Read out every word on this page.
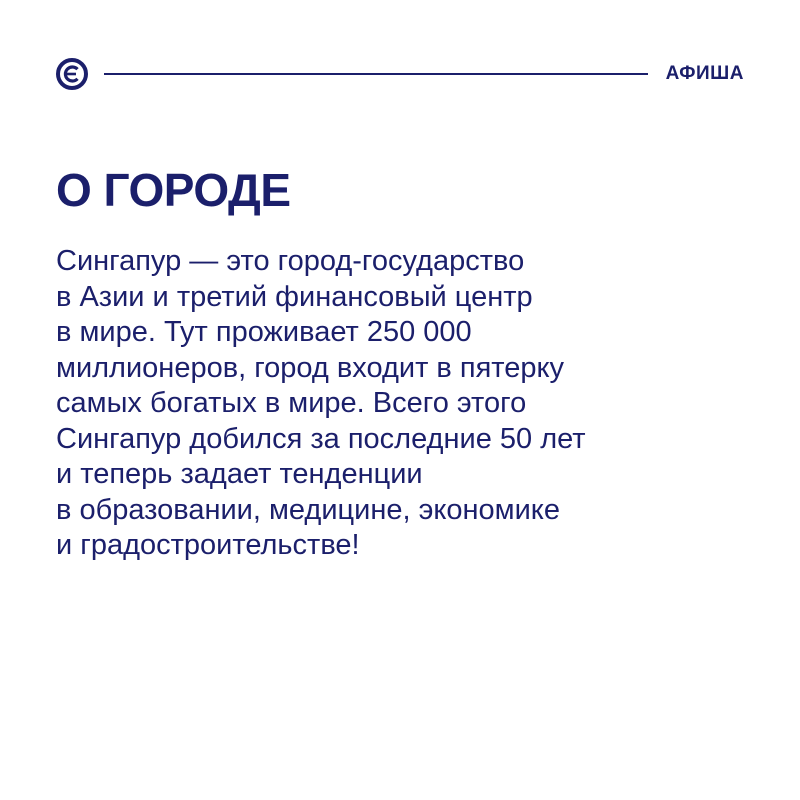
АФИША
О ГОРОДЕ

Сингапур — это город-государство
в Азии и третий финансовый центр
в мире. Тут проживает 250 000
миллионеров, город входит в пятерку
самых богатых в мире. Всего этого
Сингапур добился за последние 50 лет
и теперь задает тенденции
в образовании, медицине, экономике
и градостроительстве!
